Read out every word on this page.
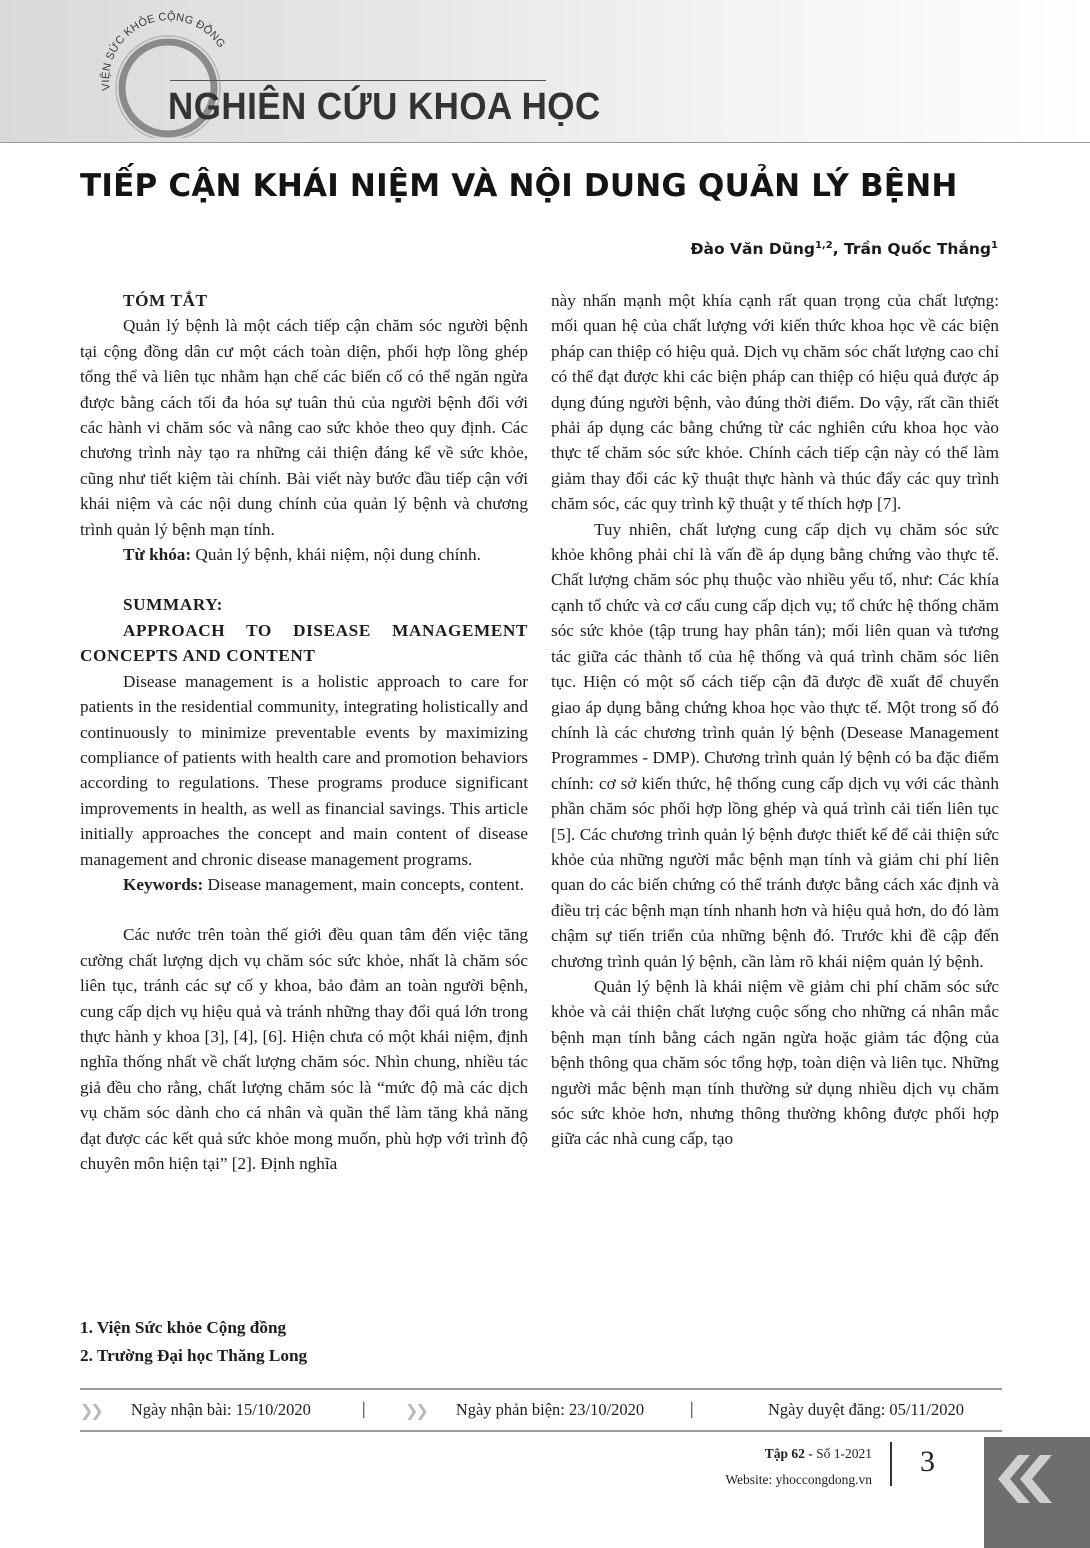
VIỆN SỨC KHỎE CỘNG ĐỒNG
NGHIÊN CỨU KHOA HỌC
TIẾP CẬN KHÁI NIỆM VÀ NỘI DUNG QUẢN LÝ BỆNH
Đào Văn Dũng$^{1,2}$, Trần Quốc Thắng$^1$

TÓM TẮT

Quản lý bệnh là một cách tiếp cận chăm sóc người bệnh tại cộng đồng dân cư một cách toàn diện, phối hợp lồng ghép tổng thể và liên tục nhằm hạn chế các biến cố có thể ngăn ngừa được bằng cách tối đa hóa sự tuân thủ của người bệnh đối với các hành vi chăm sóc và nâng cao sức khỏe theo quy định. Các chương trình này tạo ra những cải thiện đáng kể về sức khỏe, cũng như tiết kiệm tài chính. Bài viết này bước đầu tiếp cận với khái niệm và các nội dung chính của quản lý bệnh và chương trình quản lý bệnh mạn tính.

Từ khóa: Quản lý bệnh, khái niệm, nội dung chính.

SUMMARY:

APPROACH TO DISEASE MANAGEMENT CONCEPTS AND CONTENT

Disease management is a holistic approach to care for patients in the residential community, integrating holistically and continuously to minimize preventable events by maximizing compliance of patients with health care and promotion behaviors according to regulations. These programs produce significant improvements in health, as well as financial savings. This article initially approaches the concept and main content of disease management and chronic disease management programs.

Keywords: Disease management, main concepts, content.

Các nước trên toàn thế giới đều quan tâm đến việc tăng cường chất lượng dịch vụ chăm sóc sức khỏe, nhất là chăm sóc liên tục, tránh các sự cố y khoa, bảo đảm an toàn người bệnh, cung cấp dịch vụ hiệu quả và tránh những thay đổi quá lớn trong thực hành y khoa [3], [4], [6]. Hiện chưa có một khái niệm, định nghĩa thống nhất về chất lượng chăm sóc. Nhìn chung, nhiều tác giả đều cho rằng, chất lượng chăm sóc là “mức độ mà các dịch vụ chăm sóc dành cho cá nhân và quần thể làm tăng khả năng đạt được các kết quả sức khỏe mong muốn, phù hợp với trình độ chuyên môn hiện tại” [2]. Định nghĩa

này nhấn mạnh một khía cạnh rất quan trọng của chất lượng: mối quan hệ của chất lượng với kiến thức khoa học về các biện pháp can thiệp có hiệu quả. Dịch vụ chăm sóc chất lượng cao chỉ có thể đạt được khi các biện pháp can thiệp có hiệu quả được áp dụng đúng người bệnh, vào đúng thời điểm. Do vậy, rất cần thiết phải áp dụng các bằng chứng từ các nghiên cứu khoa học vào thực tế chăm sóc sức khỏe. Chính cách tiếp cận này có thể làm giảm thay đổi các kỹ thuật thực hành và thúc đẩy các quy trình chăm sóc, các quy trình kỹ thuật y tế thích hợp [7].

Tuy nhiên, chất lượng cung cấp dịch vụ chăm sóc sức khỏe không phải chỉ là vấn đề áp dụng bằng chứng vào thực tế. Chất lượng chăm sóc phụ thuộc vào nhiều yếu tố, như: Các khía cạnh tổ chức và cơ cấu cung cấp dịch vụ; tổ chức hệ thống chăm sóc sức khỏe (tập trung hay phân tán); mối liên quan và tương tác giữa các thành tố của hệ thống và quá trình chăm sóc liên tục. Hiện có một số cách tiếp cận đã được đề xuất để chuyển giao áp dụng bằng chứng khoa học vào thực tế. Một trong số đó chính là các chương trình quản lý bệnh (Desease Management Programmes - DMP). Chương trình quản lý bệnh có ba đặc điểm chính: cơ sở kiến thức, hệ thống cung cấp dịch vụ với các thành phần chăm sóc phối hợp lồng ghép và quá trình cải tiến liên tục [5]. Các chương trình quản lý bệnh được thiết kế để cải thiện sức khỏe của những người mắc bệnh mạn tính và giảm chi phí liên quan do các biến chứng có thể tránh được bằng cách xác định và điều trị các bệnh mạn tính nhanh hơn và hiệu quả hơn, do đó làm chậm sự tiến triển của những bệnh đó. Trước khi đề cập đến chương trình quản lý bệnh, cần làm rõ khái niệm quản lý bệnh.

Quản lý bệnh là khái niệm về giảm chi phí chăm sóc sức khỏe và cải thiện chất lượng cuộc sống cho những cá nhân mắc bệnh mạn tính bằng cách ngăn ngừa hoặc giảm tác động của bệnh thông qua chăm sóc tổng hợp, toàn diện và liên tục. Những người mắc bệnh mạn tính thường sử dụng nhiều dịch vụ chăm sóc sức khỏe hơn, nhưng thông thường không được phối hợp giữa các nhà cung cấp, tạo

1. Viện Sức khỏe Cộng đồng
2. Trường Đại học Thăng Long
❯❯ Ngày nhận bài: 15/10/2020	| ❯❯ Ngày phản biện: 23/10/2020	|	Ngày duyệt đăng: 05/11/2020
Tập 62 - Số 1-2021
Website: yhoccongdong.vn
3
